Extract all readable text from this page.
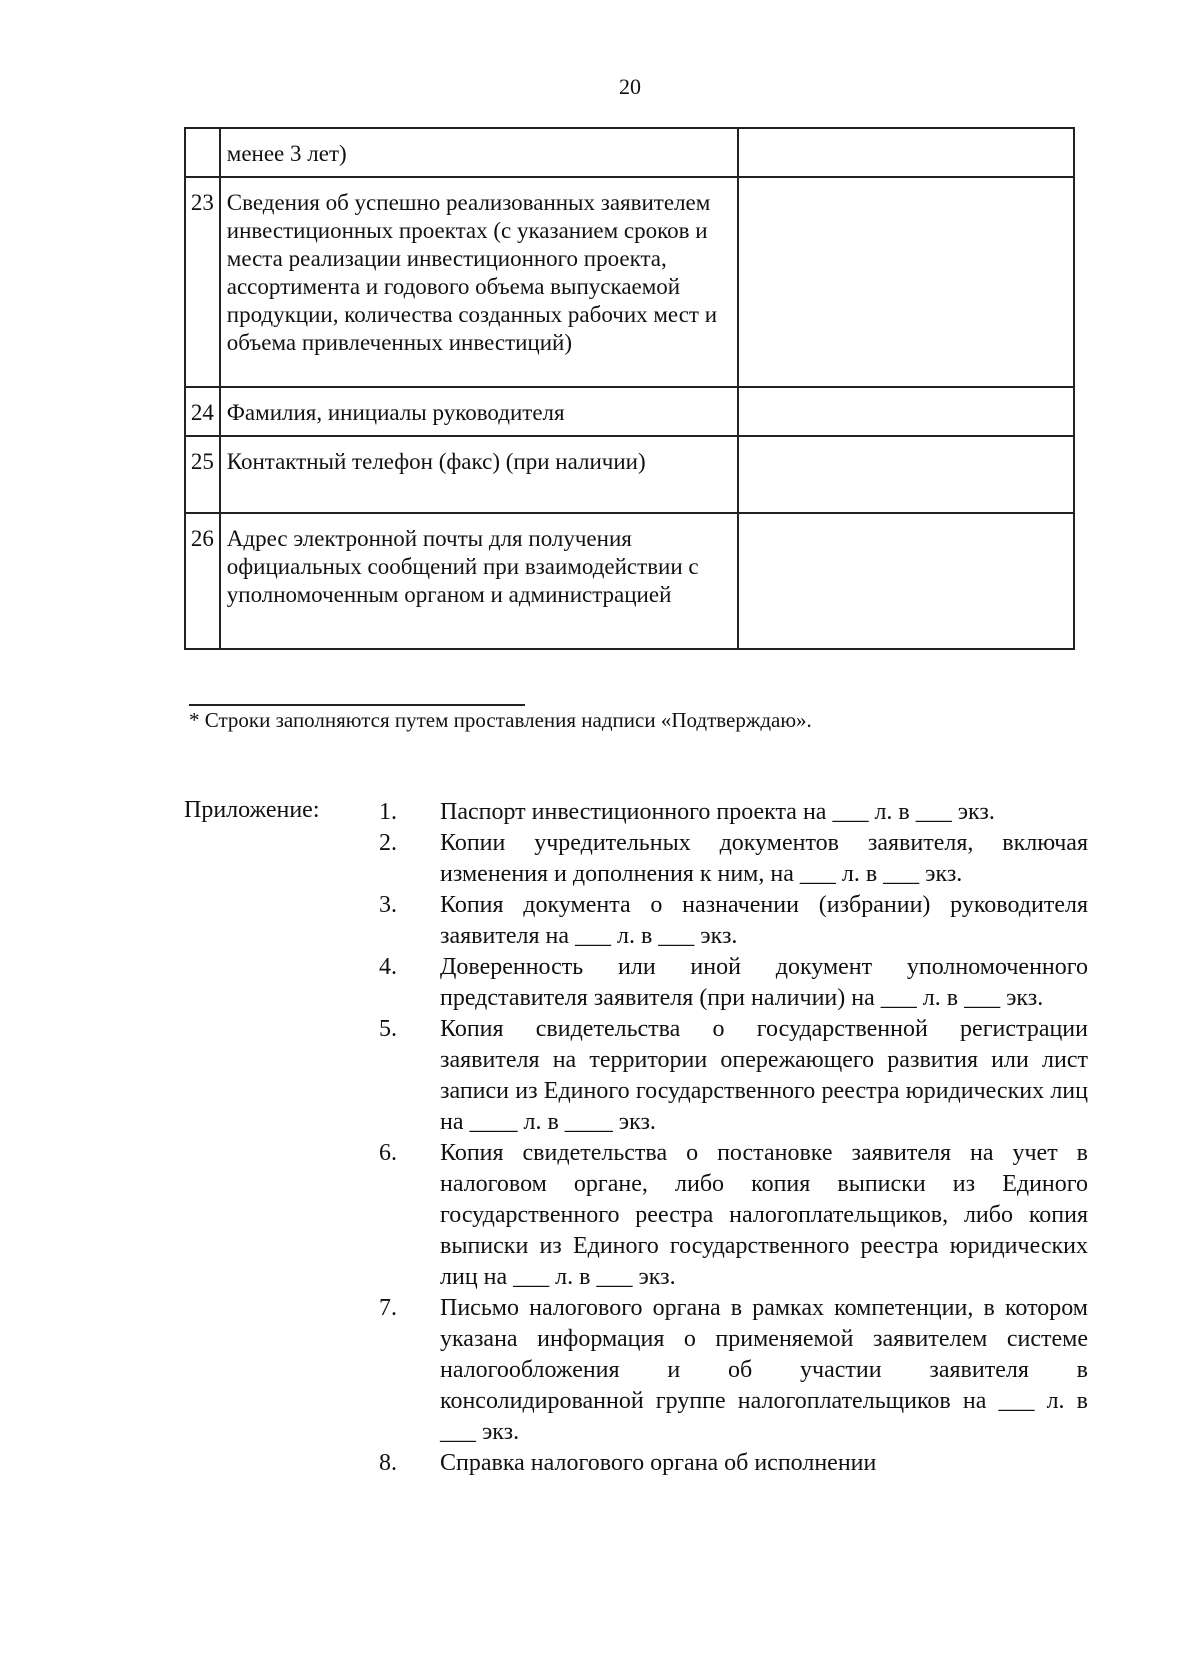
20
	менее 3 лет)	
23	Сведения об успешно реализованных заявителем инвестиционных проектах (с указанием сроков и места реализации инвестиционного проекта, ассортимента и годового объема выпускаемой продукции, количества созданных рабочих мест и объема привлеченных инвестиций)	
24	Фамилия, инициалы руководителя	
25	Контактный телефон (факс) (при наличии)	
26	Адрес электронной почты для получения официальных сообщений при взаимодействии с уполномоченным органом и администрацией	
* Строки заполняются путем проставления надписи «Подтверждаю».
Приложение: 1. Паспорт инвестиционного проекта на ___ л. в ___ экз.
2. Копии учредительных документов заявителя, включая изменения и дополнения к ним, на ___ л. в ___ экз.
3. Копия документа о назначении (избрании) руководителя заявителя на ___ л. в ___ экз.
4. Доверенность или иной документ уполномоченного представителя заявителя (при наличии) на ___ л. в ___ экз.
5. Копия свидетельства о государственной регистрации заявителя на территории опережающего развития или лист записи из Единого государственного реестра юридических лиц на ____ л. в ____ экз.
6. Копия свидетельства о постановке заявителя на учет в налоговом органе, либо копия выписки из Единого государственного реестра налогоплательщиков, либо копия выписки из Единого государственного реестра юридических лиц на ___ л. в ___ экз.
7. Письмо налогового органа в рамках компетенции, в котором указана информация о применяемой заявителем системе налогообложения и об участии заявителя в консолидированной группе налогоплательщиков на ___ л. в ___ экз.
8. Справка налогового органа об исполнении
